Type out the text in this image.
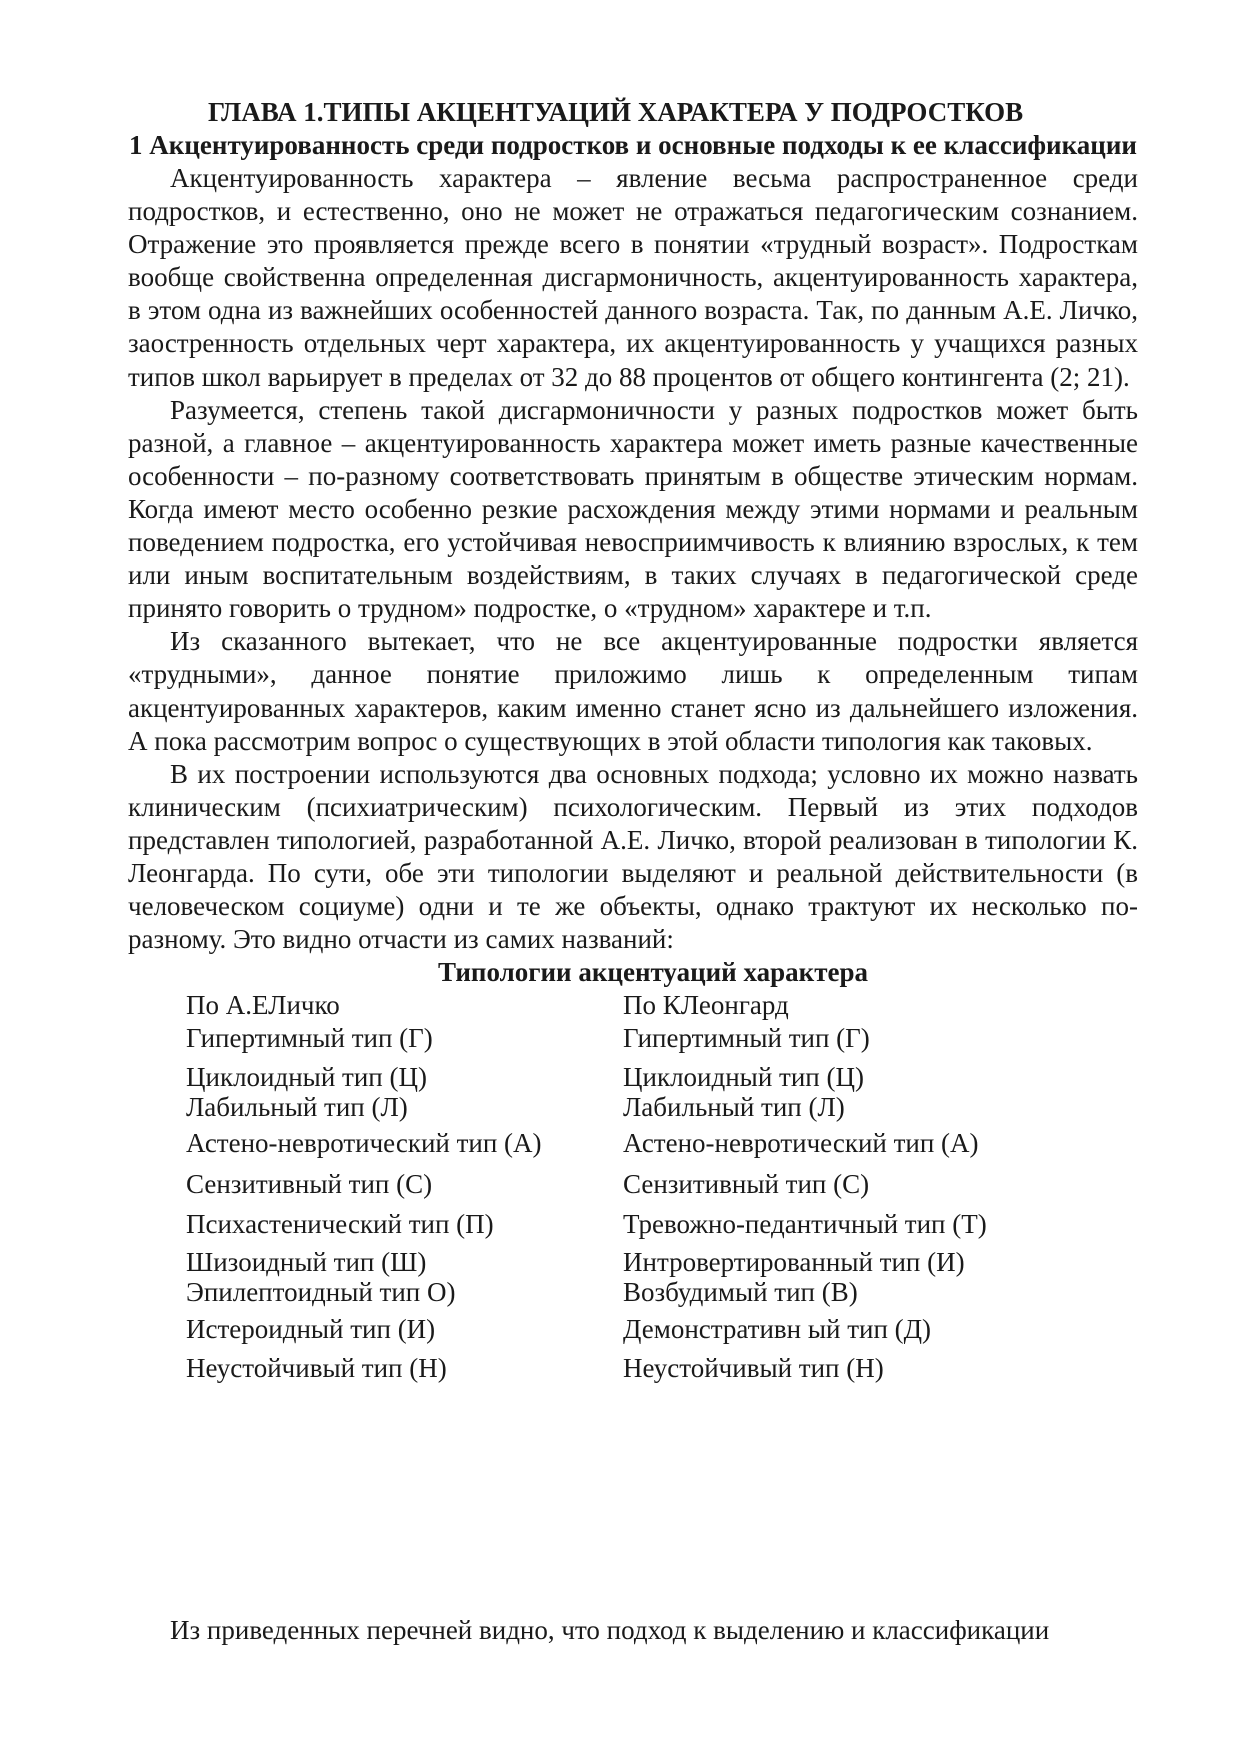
ГЛАВА 1.ТИПЫ АКЦЕНТУАЦИЙ ХАРАКТЕРА У ПОДРОСТКОВ
1 Акцентуированность среди подростков и основные подходы к ее классификации

Акцентуированность характера – явление весьма распространенное среди подростков, и естественно, оно не может не отражаться педагогическим сознанием. Отражение это проявляется прежде всего в понятии «трудный возраст». Подросткам вообще свойственна определенная дисгармоничность, акцентуированность характера, в этом одна из важнейших особенностей данного возраста. Так, по данным А.Е. Личко, заостренность отдельных черт характера, их акцентуированность у учащихся разных типов школ варьирует в пределах от 32 до 88 процентов от общего контингента (2; 21).

Разумеется, степень такой дисгармоничности у разных подростков может быть разной, а главное – акцентуированность характера может иметь разные качественные особенности – по-разному соответствовать принятым в обществе этическим нормам. Когда имеют место особенно резкие расхождения между этими нормами и реальным поведением подростка, его устойчивая невосприимчивость к влиянию взрослых, к тем или иным воспитательным воздействиям, в таких случаях в педагогической среде принято говорить о трудном» подростке, о «трудном» характере и т.п.

Из сказанного вытекает, что не все акцентуированные подростки является «трудными», данное понятие приложимо лишь к определенным типам акцентуированных характеров, каким именно станет ясно из дальнейшего изложения. А пока рассмотрим вопрос о существующих в этой области типология как таковых.

В их построении используются два основных подхода; условно их можно назвать клиническим (психиатрическим) психологическим. Первый из этих подходов представлен типологией, разработанной А.Е. Личко, второй реализован в типологии К. Леонгарда. По сути, обе эти типологии выделяют и реальной действительности (в человеческом социуме) одни и те же объекты, однако трактуют их несколько по-разному. Это видно отчасти из самих названий:

Типологии акцентуаций характера
По А.ЕЛичко	По КЛеонгард
Гипертимный тип (Г)	Гипертимный тип (Г)
Циклоидный тип (Ц)	Циклоидный тип (Ц)
Лабильный тип (Л)	Лабильный тип (Л)
Астено-невротический тип (А)	Астено-невротический тип (А)
Сензитивный тип (С)	Сензитивный тип (С)
Психастенический тип (П)	Тревожно-педантичный тип (Т)
Шизоидный тип (Ш)	Интровертированный тип (И)
Эпилептоидный тип О)	Возбудимый тип (В)
Истероидный тип (И)	Демонстративн ый тип (Д)
Неустойчивый тип (Н)	Неустойчивый тип (Н)

Из приведенных перечней видно, что подход к выделению и классификации
